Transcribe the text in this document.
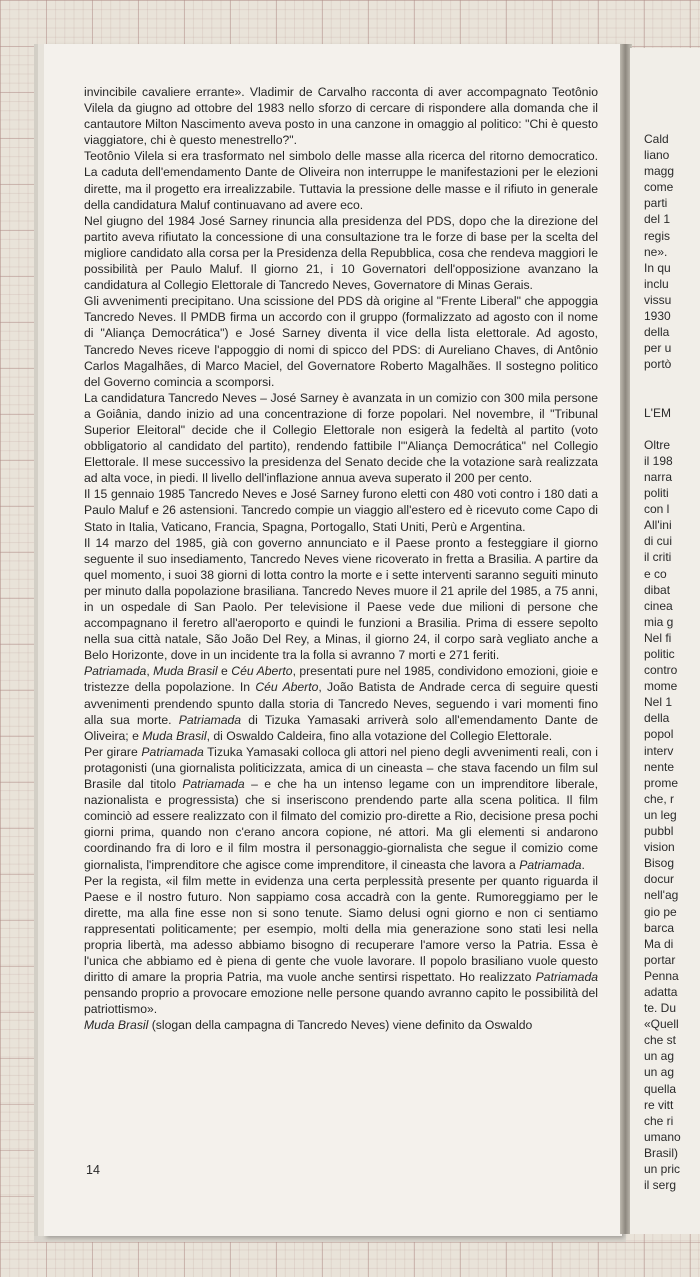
Cald
liano
magg
come
parti
del 1
regis
ne».
In qu
inclu
vissu
1930
della
per u
portò

L'EM

Oltre
il 198
narra
politi
con l
All'ini
di cui
il criti
e co
dibat
cinea
mia g
Nel fi
politic
contro
mome
Nel 1
della
popol
interv
nente
prome
che, r
un leg
pubbl
vision
Bisog
docur
nell'ag
gio pe
barca
Ma di
portar
Penna
adatta
te. Du
«Quell
che st
un ag
un ag
quella
re vitt
che ri
umano
Brasil)
un pric
il serg

invincibile cavaliere errante». Vladimir de Carvalho racconta di aver accompagnato Teotônio Vilela da giugno ad ottobre del 1983 nello sforzo di cercare di rispondere alla domanda che il cantautore Milton Nascimento aveva posto in una canzone in omaggio al politico: "Chi è questo viaggiatore, chi è questo menestrello?".

Teotônio Vilela si era trasformato nel simbolo delle masse alla ricerca del ritorno democratico. La caduta dell'emendamento Dante de Oliveira non interruppe le manifestazioni per le elezioni dirette, ma il progetto era irrealizzabile. Tuttavia la pressione delle masse e il rifiuto in generale della candidatura Maluf continuavano ad avere eco.

Nel giugno del 1984 José Sarney rinuncia alla presidenza del PDS, dopo che la direzione del partito aveva rifiutato la concessione di una consultazione tra le forze di base per la scelta del migliore candidato alla corsa per la Presidenza della Repubblica, cosa che rendeva maggiori le possibilità per Paulo Maluf. Il giorno 21, i 10 Governatori dell'opposizione avanzano la candidatura al Collegio Elettorale di Tancredo Neves, Governatore di Minas Gerais.

Gli avvenimenti precipitano. Una scissione del PDS dà origine al "Frente Liberal" che appoggia Tancredo Neves. Il PMDB firma un accordo con il gruppo (formalizzato ad agosto con il nome di "Aliança Democrática") e José Sarney diventa il vice della lista elettorale. Ad agosto, Tancredo Neves riceve l'appoggio di nomi di spicco del PDS: di Aureliano Chaves, di Antônio Carlos Magalhães, di Marco Maciel, del Governatore Roberto Magalhães. Il sostegno politico del Governo comincia a scomporsi.

La candidatura Tancredo Neves – José Sarney è avanzata in un comizio con 300 mila persone a Goiânia, dando inizio ad una concentrazione di forze popolari. Nel novembre, il "Tribunal Superior Eleitoral" decide che il Collegio Elettorale non esigerà la fedeltà al partito (voto obbligatorio al candidato del partito), rendendo fattibile l'"Aliança Democrática" nel Collegio Elettorale. Il mese successivo la presidenza del Senato decide che la votazione sarà realizzata ad alta voce, in piedi. Il livello dell'inflazione annua aveva superato il 200 per cento.

Il 15 gennaio 1985 Tancredo Neves e José Sarney furono eletti con 480 voti contro i 180 dati a Paulo Maluf e 26 astensioni. Tancredo compie un viaggio all'estero ed è ricevuto come Capo di Stato in Italia, Vaticano, Francia, Spagna, Portogallo, Stati Uniti, Perù e Argentina.

Il 14 marzo del 1985, già con governo annunciato e il Paese pronto a festeggiare il giorno seguente il suo insediamento, Tancredo Neves viene ricoverato in fretta a Brasilia. A partire da quel momento, i suoi 38 giorni di lotta contro la morte e i sette interventi saranno seguiti minuto per minuto dalla popolazione brasiliana. Tancredo Neves muore il 21 aprile del 1985, a 75 anni, in un ospedale di San Paolo. Per televisione il Paese vede due milioni di persone che accompagnano il feretro all'aeroporto e quindi le funzioni a Brasilia. Prima di essere sepolto nella sua città natale, São João Del Rey, a Minas, il giorno 24, il corpo sarà vegliato anche a Belo Horizonte, dove in un incidente tra la folla si avranno 7 morti e 271 feriti.

Patriamada, Muda Brasil e Céu Aberto, presentati pure nel 1985, condividono emozioni, gioie e tristezze della popolazione. In Céu Aberto, João Batista de Andrade cerca di seguire questi avvenimenti prendendo spunto dalla storia di Tancredo Neves, seguendo i vari momenti fino alla sua morte. Patriamada di Tizuka Yamasaki arriverà solo all'emendamento Dante de Oliveira; e Muda Brasil, di Oswaldo Caldeira, fino alla votazione del Collegio Elettorale.

Per girare Patriamada Tizuka Yamasaki colloca gli attori nel pieno degli avvenimenti reali, con i protagonisti (una giornalista politicizzata, amica di un cineasta – che stava facendo un film sul Brasile dal titolo Patriamada – e che ha un intenso legame con un imprenditore liberale, nazionalista e progressista) che si inseriscono prendendo parte alla scena politica. Il film cominciò ad essere realizzato con il filmato del comizio pro-dirette a Rio, decisione presa pochi giorni prima, quando non c'erano ancora copione, né attori. Ma gli elementi si andarono coordinando fra di loro e il film mostra il personaggio-giornalista che segue il comizio come giornalista, l'imprenditore che agisce come imprenditore, il cineasta che lavora a Patriamada.

Per la regista, «il film mette in evidenza una certa perplessità presente per quanto riguarda il Paese e il nostro futuro. Non sappiamo cosa accadrà con la gente. Rumoreggiamo per le dirette, ma alla fine esse non si sono tenute. Siamo delusi ogni giorno e non ci sentiamo rappresentati politicamente; per esempio, molti della mia generazione sono stati lesi nella propria libertà, ma adesso abbiamo bisogno di recuperare l'amore verso la Patria. Essa è l'unica che abbiamo ed è piena di gente che vuole lavorare. Il popolo brasiliano vuole questo diritto di amare la propria Patria, ma vuole anche sentirsi rispettato. Ho realizzato Patriamada pensando proprio a provocare emozione nelle persone quando avranno capito le possibilità del patriottismo».

Muda Brasil (slogan della campagna di Tancredo Neves) viene definito da Oswaldo

14
